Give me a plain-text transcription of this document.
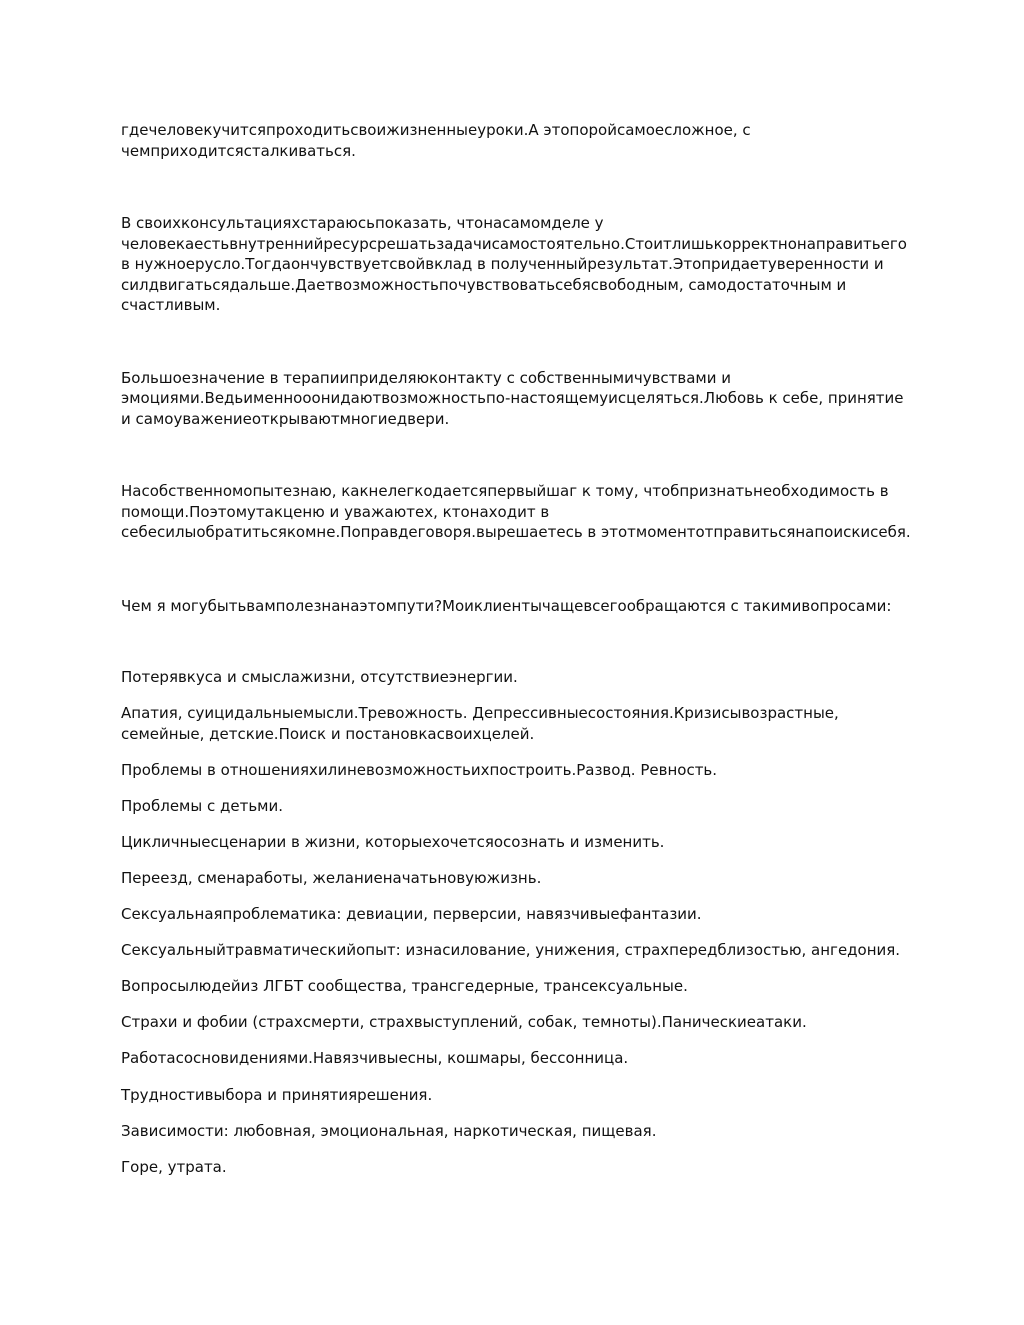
гдечеловекучитсяпроходитьсвоижизненныеуроки.А этопоройсамоесложное, с чемприходитсясталкиваться.

В своихконсультацияхстараюсьпоказать, чтонасамомделе у человекаестьвнутреннийресурсрешатьзадачисамостоятельно.Стоитлишькорректнонаправитьего в нужноерусло.Тогдаончувствуетсвойвклад в полученныйрезультат.Этопридаетуверенности и силдвигатьсядальше.Даетвозможностьпочувствоватьсебясвободным, самодостаточным и счастливым.

Большоезначение в терапииприделяюконтакту с собственнымичувствами и эмоциями.Ведьименнооонидаютвозможностьпо-настоящемуисцеляться.Любовь к себе, принятие и самоуважениеоткрываютмногиедвери.

Насобственномопытезнаю, какнелегкодаетсяпервыйшаг к тому, чтобпризнатьнеобходимость в помощи.Поэтомутакценю и уважаютех, ктонаходит в себесилыобратитьсякомне.Поправдеговоря.вырешаетесь в этотмоментотправитьсянапоискисебя.

Чем я могубытьвамполезнанаэтомпути?Моиклиентычащевсегообращаются с такимивопросами:

Потерявкуса и смыслажизни, отсутствиеэнергии.

Апатия, суицидальныемысли.Тревожность. Депрессивныесостояния.Кризисывозрастные, семейные, детские.Поиск и постановкасвоихцелей.

Проблемы в отношенияхилиневозможностьихпостроить.Развод. Ревность.

Проблемы с детьми.

Цикличныесценарии в жизни, которыехочетсяосознать и изменить.

Переезд, сменаработы, желаниеначатьновуюжизнь.

Сексуальнаяпроблематика: девиации, перверсии, навязчивыефантазии.

Сексуальныйтравматическийопыт: изнасилование, унижения, страхпередблизостью, ангедония.

Вопросылюдейиз ЛГБТ сообщества, трансгедерные, трансексуальные.

Страхи и фобии (страхсмерти, страхвыступлений, собак, темноты).Паническиеатаки.

Работасосновидениями.Навязчивыесны, кошмары, бессонница.

Трудностивыбора и принятиярешения.

Зависимости: любовная, эмоциональная, наркотическая, пищевая.

Горе, утрата.
